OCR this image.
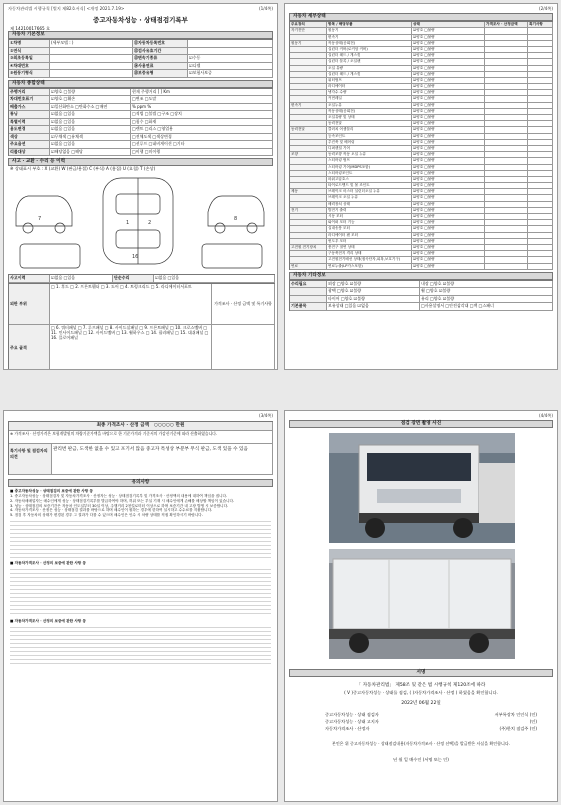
자동차관리법 시행규칙 [별지 제82호서식] <개정 2021.7.19>	(1/4쪽)
중고자동차성능 · 상태점검기록부
제 14210017665 호
자동차 기본정보
①차명	(세부모델 : )	⑪자동차등록번호
②연식	⑫검사유효기간
③최초등록일	⑬변속기종류	☑수동
④차대번호	⑭사용연료	☑디젤
⑤원동기형식	⑮보증유형	☑보험사보증
자동차 종합상태
주행거리	☑양호 □불량	현재 주행거리 [ ] Km
차대번호표기	☑양호 □훼손	□변조 □도말
배출가스	☑일산화탄소 □탄화수소 □매연	% ppm %
튜닝	☑없음 □있음	□적법 □불법 □구조 □장치
특별이력	☑없음 □있음	□침수 □화재
용도변경	☑없음 □있음	□렌트 □리스 □영업용
색상	☑무채색 □유채색	□전체도색 □색상변경
주요옵션	☑없음 □있음	□선루프 □네비게이션 □기타
리콜대상	☑해당없음 □해당	□이행 □미이행
사고 · 교환 · 수리 등 이력
※ 상태표시 부호 : X (교환) W (판금/용접) C (부식) A (흠집) U (요철) T (손상)
1	2
7	8
16
사고이력	☑없음 □있음	단순수리	☑없음 □있음
외판 부위
□ 1. 후드 □ 2. 프론트휀더 □ 3. 도어 □ 4. 트렁크리드 □ 5. 라디에이터서포트
가격조사 · 산정 금액 및 특기사항
주요 골격
□ 6. 쿼터패널 □ 7. 루프패널 □ 8. 사이드실패널 □ 9. 프론트패널 □ 10. 크로스멤버 □ 11. 인사이드패널 □ 12. 사이드멤버 □ 13. 휠하우스 □ 14. 필러패널 □ 15. 대쉬패널 □ 16. 플로어패널
(2/4쪽)
자동차 세부상태
주요장치	항목 / 해당부품	상태	가격조사 · 산정금액	특기사항
자기진단	원동기	☑양호 □불량
변속기	☑양호 □불량
원동기	작동상태(공회전)	☑양호 □불량
실린더 커버(로커암 커버)	☑양호 □불량
실린더 헤드 / 개스킷	☑양호 □불량
실린더 블록 / 오일팬	☑양호 □불량
오일 유량	☑양호 □불량
실린더 헤드 / 개스킷	☑양호 □불량
워터펌프	☑양호 □불량
라디에이터	☑양호 □불량
냉각수 수량	☑양호 □불량
커먼레일	☑양호 □불량
변속기	오일누유	☑양호 □불량
작동상태(공회전)	☑양호 □불량
오일유량 및 상태	☑양호 □불량
동력전달	☑양호 □불량
동력전달	클러치 어셈블리	☑양호 □불량
등속조인트	☑양호 □불량
추진축 및 베어링	☑양호 □불량
디퍼렌셜 기어	☑양호 □불량
조향	동력조향 작동 오일 누유	☑양호 □불량
스티어링 펌프	☑양호 □불량
스티어링 기어(MDPS포함)	☑양호 □불량
스티어링조인트	☑양호 □불량
파워고압호스	☑양호 □불량
타이로드엔드 및 볼 조인트	☑양호 □불량
제동	브레이크 마스터 실린더오일 누유	☑양호 □불량
브레이크 오일 누유	☑양호 □불량
배력장치 상태	☑양호 □불량
전기	발전기 출력	☑양호 □불량
시동 모터	☑양호 □불량
와이퍼 모터 기능	☑양호 □불량
실내송풍 모터	☑양호 □불량
라디에이터 팬 모터	☑양호 □불량
윈도우 모터	☑양호 □불량
고전원 전기장치	충전구 절연 상태	☑양호 □불량
구동축전지 격리 상태	☑양호 □불량
고전원전기배선 상태(접속단자,피복,보호기구)	☑양호 □불량
연료	연료누출(LP가스포함)	☑양호 □불량
자동차 기타정보
수리필요	외장 □양호 ☑불량	내장 □양호 ☑불량
광택 □양호 ☑불량	휠 □양호 ☑불량
타이어 □양호 ☑불량	유리 □양호 ☑불량
기본품목	보유상태 □있음 ☑없음	□사용설명서 □안전삼각대 □잭 □스패너
(3/4쪽)
최종 가격조사 · 산정 금액   ○○○○○ 만원
※ 가격조사 · 산정가격은 보험개발원의 차량기준가액을 바탕으로 한 기준가격과 기준서의 가감산기준에 따라 산출하였습니다.
특기사항 및 점검자의 의견
관리번 판금, 도색한 없을 수 있고 포기서 않음 중고자 특성상 부분부 무식 판금, 도색 있을 수 있음
유의사항
■ 중고자동차성능 · 상태점검의 보증에 관한 사항 등
1. 중고자동차성능 · 상태점검자 및 자동차가격조사 · 산정자는 성능 · 상태점검기록부 및 가격조사 · 산정액의 내용에 대하여 책임을 집니다.
2. 자동차매매업자는 매수인에게 성능 · 상태점검기록부를 발급하여야 하며, 허위 또는 부실 기재 시 매수인에게 손해를 배상할 책임이 있습니다.
3. 성능 · 상태점검의 보증기간은 자동차 인도일부터 30일 이상, 주행거리 2천킬로미터 이상으로 하며 보증기간 내 고장 발생 시 보증합니다.
4. 자동차가격조사 · 산정은 성능 · 상태점검 결과를 바탕으로 하며 매수인이 원하는 경우에 한하여 실시하고 수수료를 지불합니다.
5. 점검 후 자동차의 상태가 변경된 경우 그 결과가 다를 수 있으며 매수인은 인수 시 차량 상태를 직접 확인하시기 바랍니다.
■ 자동차가격조사 · 산정의 보증에 관한 사항 등
■ 자동차가격조사 · 산정의 보증에 관한 사항 등
(4/4쪽)
점검 장면 촬영 사진
서명
「 자동차관리법」 제58조 및 같은 법 시행규칙 제120조에 따라
( V )중고자동차성능 · 상태를 점검, ( )자동차가격조사 · 산정 ) 하였음을 확인합니다.
2022년 06월 22일
중고자동차성능 · 상태 점검자	서부특장차 인인식 (인)
중고자동차성능 · 상태 고지자	(인)
자동차가격조사 · 산정자	(주)한치 점검주 (인)
본인은 위 중고자동차성능 · 상태점검내용(자동차가격조사 · 산정 선택)을 발급받은 사실을 확인합니다.
년 월 일 매수인 (서명 또는 인)
